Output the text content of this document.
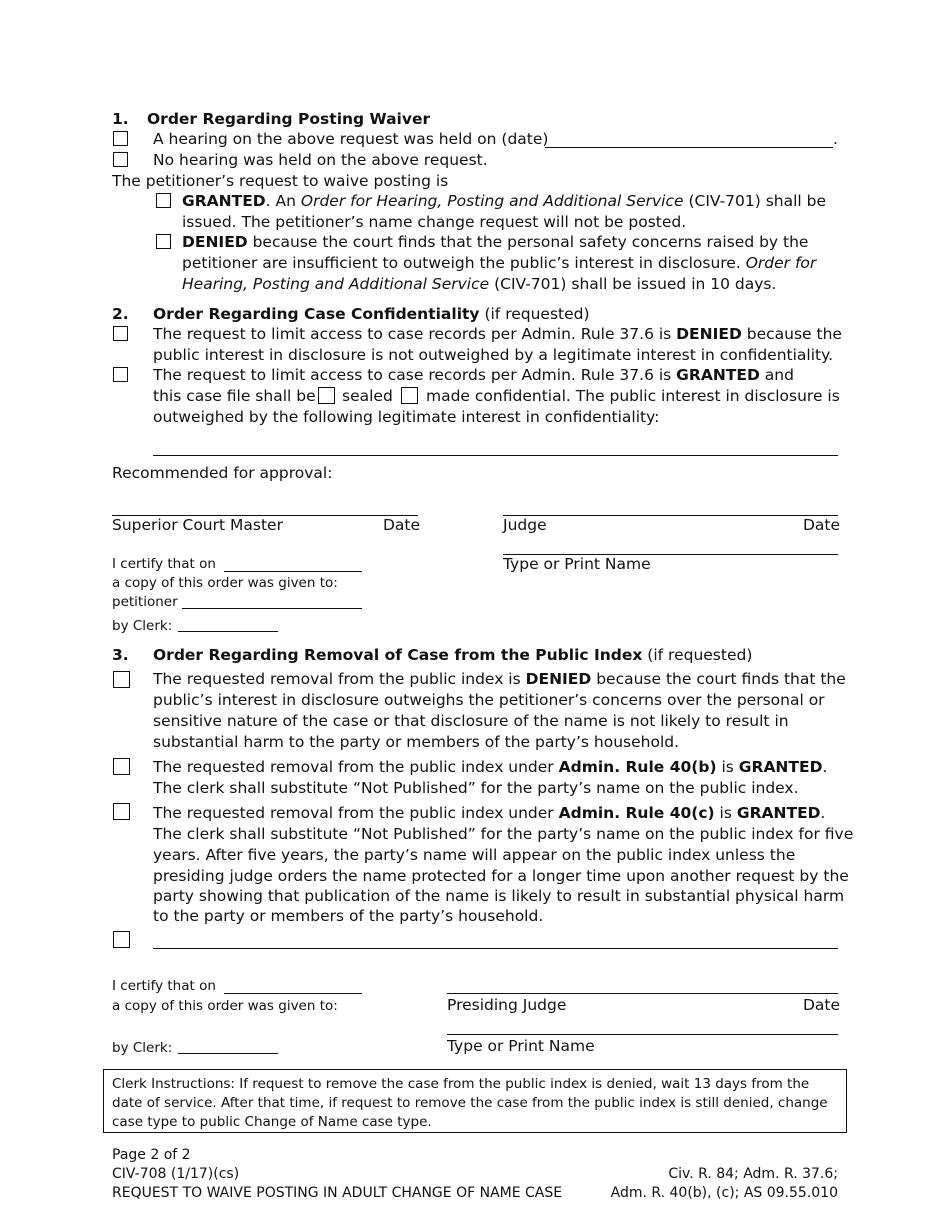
1. Order Regarding Posting Waiver
A hearing on the above request was held on (date)	.
No hearing was held on the above request.
The petitioner’s request to waive posting is
GRANTED. An Order for Hearing, Posting and Additional Service (CIV-701) shall be
issued. The petitioner’s name change request will not be posted.
DENIED because the court finds that the personal safety concerns raised by the
petitioner are insufficient to outweigh the public’s interest in disclosure. Order for
Hearing, Posting and Additional Service (CIV-701) shall be issued in 10 days.
2. Order Regarding Case Confidentiality (if requested)
The request to limit access to case records per Admin. Rule 37.6 is DENIED because the
public interest in disclosure is not outweighed by a legitimate interest in confidentiality.
The request to limit access to case records per Admin. Rule 37.6 is GRANTED and
this case file shall be sealed made confidential. The public interest in disclosure is
outweighed by the following legitimate interest in confidentiality:
Recommended for approval:
Superior Court Master	Date	Judge	Date
Type or Print Name
I certify that on
a copy of this order was given to:
petitioner
by Clerk:
3. Order Regarding Removal of Case from the Public Index (if requested)
The requested removal from the public index is DENIED because the court finds that the
public’s interest in disclosure outweighs the petitioner’s concerns over the personal or
sensitive nature of the case or that disclosure of the name is not likely to result in
substantial harm to the party or members of the party’s household.
The requested removal from the public index under Admin. Rule 40(b) is GRANTED.
The clerk shall substitute “Not Published” for the party’s name on the public index.
The requested removal from the public index under Admin. Rule 40(c) is GRANTED.
The clerk shall substitute “Not Published” for the party’s name on the public index for five
years. After five years, the party’s name will appear on the public index unless the
presiding judge orders the name protected for a longer time upon another request by the
party showing that publication of the name is likely to result in substantial physical harm
to the party or members of the party’s household.
I certify that on
a copy of this order was given to:
by Clerk:
Presiding Judge	Date
Type or Print Name
Clerk Instructions: If request to remove the case from the public index is denied, wait 13 days from the date of service. After that time, if request to remove the case from the public index is still denied, change case type to public Change of Name case type.
Page 2 of 2
CIV-708 (1/17)(cs)
REQUEST TO WAIVE POSTING IN ADULT CHANGE OF NAME CASE
Civ. R. 84; Adm. R. 37.6;
Adm. R. 40(b), (c); AS 09.55.010
